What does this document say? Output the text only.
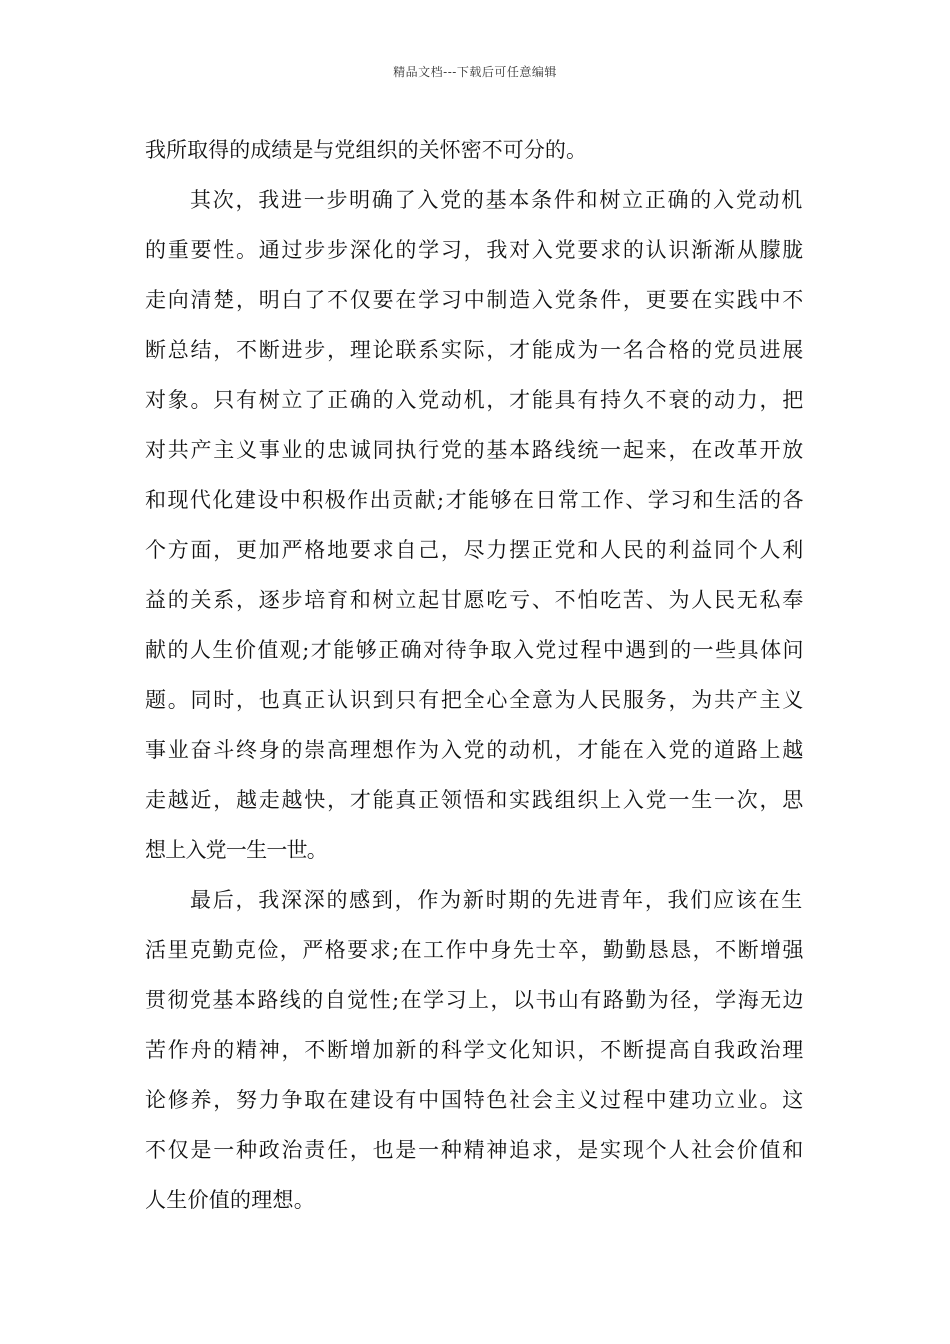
精品文档---下载后可任意编辑
我所取得的成绩是与党组织的关怀密不可分的。
其次，我进一步明确了入党的基本条件和树立正确的入党动机
的重要性。通过步步深化的学习，我对入党要求的认识渐渐从朦胧
走向清楚，明白了不仅要在学习中制造入党条件，更要在实践中不
断总结，不断进步，理论联系实际，才能成为一名合格的党员进展
对象。只有树立了正确的入党动机，才能具有持久不衰的动力，把
对共产主义事业的忠诚同执行党的基本路线统一起来，在改革开放
和现代化建设中积极作出贡献;才能够在日常工作、学习和生活的各
个方面，更加严格地要求自己，尽力摆正党和人民的利益同个人利
益的关系，逐步培育和树立起甘愿吃亏、不怕吃苦、为人民无私奉
献的人生价值观;才能够正确对待争取入党过程中遇到的一些具体问
题。同时，也真正认识到只有把全心全意为人民服务，为共产主义
事业奋斗终身的崇高理想作为入党的动机，才能在入党的道路上越
走越近，越走越快，才能真正领悟和实践组织上入党一生一次，思
想上入党一生一世。
最后，我深深的感到，作为新时期的先进青年，我们应该在生
活里克勤克俭，严格要求;在工作中身先士卒，勤勤恳恳，不断增强
贯彻党基本路线的自觉性;在学习上，以书山有路勤为径，学海无边
苦作舟的精神，不断增加新的科学文化知识，不断提高自我政治理
论修养，努力争取在建设有中国特色社会主义过程中建功立业。这
不仅是一种政治责任，也是一种精神追求，是实现个人社会价值和
人生价值的理想。
